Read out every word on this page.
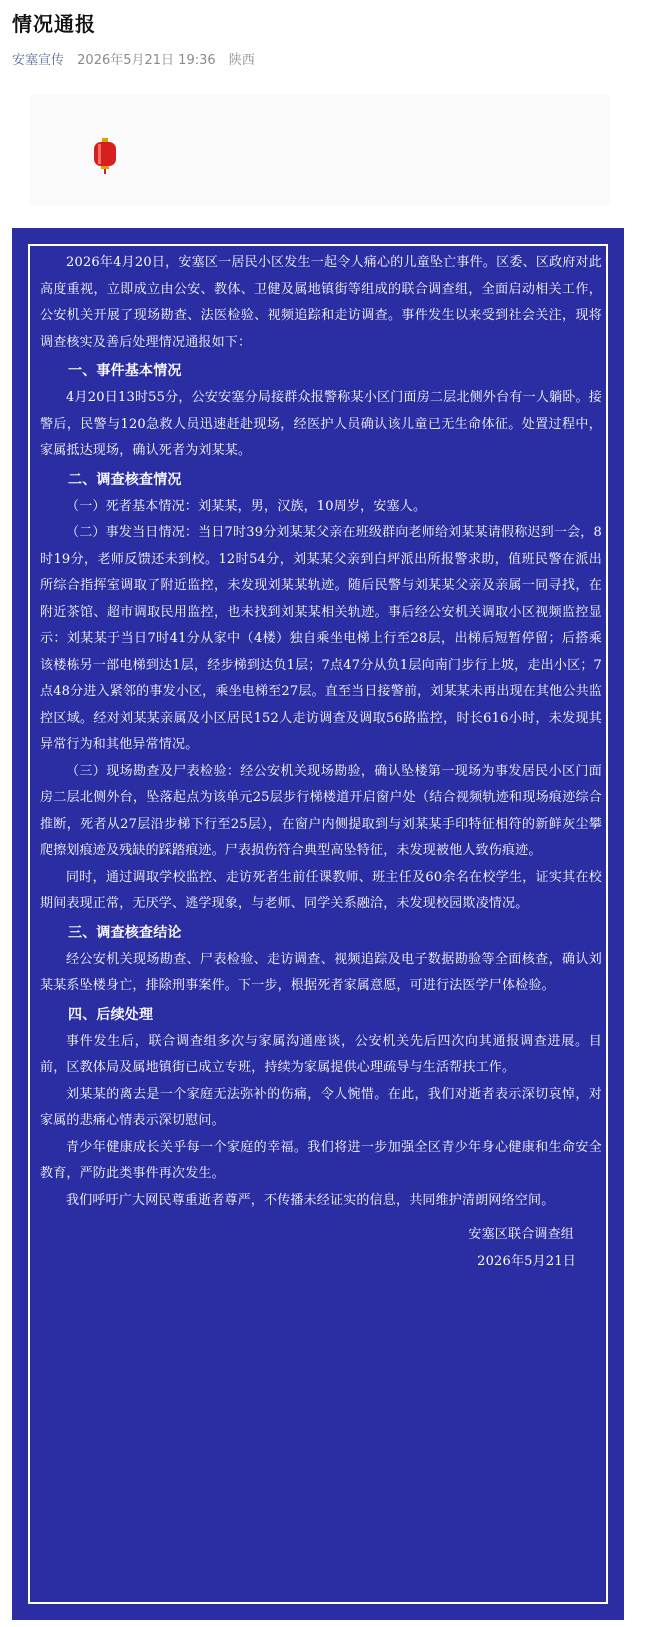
情况通报
安塞宣传 2026年5月21日 19:36 陕西

2026年4月20日，安塞区一居民小区发生一起令人痛心的儿童坠亡事件。区委、区政府对此高度重视，立即成立由公安、教体、卫健及属地镇街等组成的联合调查组，全面启动相关工作，公安机关开展了现场勘查、法医检验、视频追踪和走访调查。事件发生以来受到社会关注，现将调查核实及善后处理情况通报如下：

一、事件基本情况

4月20日13时55分，公安安塞分局接群众报警称某小区门面房二层北侧外台有一人躺卧。接警后，民警与120急救人员迅速赶赴现场，经医护人员确认该儿童已无生命体征。处置过程中，家属抵达现场，确认死者为刘某某。

二、调查核查情况

（一）死者基本情况：刘某某，男，汉族，10周岁，安塞人。

（二）事发当日情况：当日7时39分刘某某父亲在班级群向老师给刘某某请假称迟到一会，8时19分，老师反馈还未到校。12时54分，刘某某父亲到白坪派出所报警求助，值班民警在派出所综合指挥室调取了附近监控，未发现刘某某轨迹。随后民警与刘某某父亲及亲属一同寻找，在附近茶馆、超市调取民用监控，也未找到刘某某相关轨迹。事后经公安机关调取小区视频监控显示：刘某某于当日7时41分从家中（4楼）独自乘坐电梯上行至28层，出梯后短暂停留；后搭乘该楼栋另一部电梯到达1层，经步梯到达负1层；7点47分从负1层向南门步行上坡，走出小区；7点48分进入紧邻的事发小区，乘坐电梯至27层。直至当日接警前，刘某某未再出现在其他公共监控区域。经对刘某某亲属及小区居民152人走访调查及调取56路监控，时长616小时，未发现其异常行为和其他异常情况。

（三）现场勘查及尸表检验：经公安机关现场勘验，确认坠楼第一现场为事发居民小区门面房二层北侧外台，坠落起点为该单元25层步行梯楼道开启窗户处（结合视频轨迹和现场痕迹综合推断，死者从27层沿步梯下行至25层），在窗户内侧提取到与刘某某手印特征相符的新鲜灰尘攀爬擦划痕迹及残缺的踩踏痕迹。尸表损伤符合典型高坠特征，未发现被他人致伤痕迹。

同时，通过调取学校监控、走访死者生前任课教师、班主任及60余名在校学生，证实其在校期间表现正常，无厌学、逃学现象，与老师、同学关系融洽，未发现校园欺凌情况。

三、调查核查结论

经公安机关现场勘查、尸表检验、走访调查、视频追踪及电子数据勘验等全面核查，确认刘某某系坠楼身亡，排除刑事案件。下一步，根据死者家属意愿，可进行法医学尸体检验。

四、后续处理

事件发生后，联合调查组多次与家属沟通座谈，公安机关先后四次向其通报调查进展。目前，区教体局及属地镇街已成立专班，持续为家属提供心理疏导与生活帮扶工作。

刘某某的离去是一个家庭无法弥补的伤痛，令人惋惜。在此，我们对逝者表示深切哀悼，对家属的悲痛心情表示深切慰问。

青少年健康成长关乎每一个家庭的幸福。我们将进一步加强全区青少年身心健康和生命安全教育，严防此类事件再次发生。

我们呼吁广大网民尊重逝者尊严，不传播未经证实的信息，共同维护清朗网络空间。

安塞区联合调查组

2026年5月21日
